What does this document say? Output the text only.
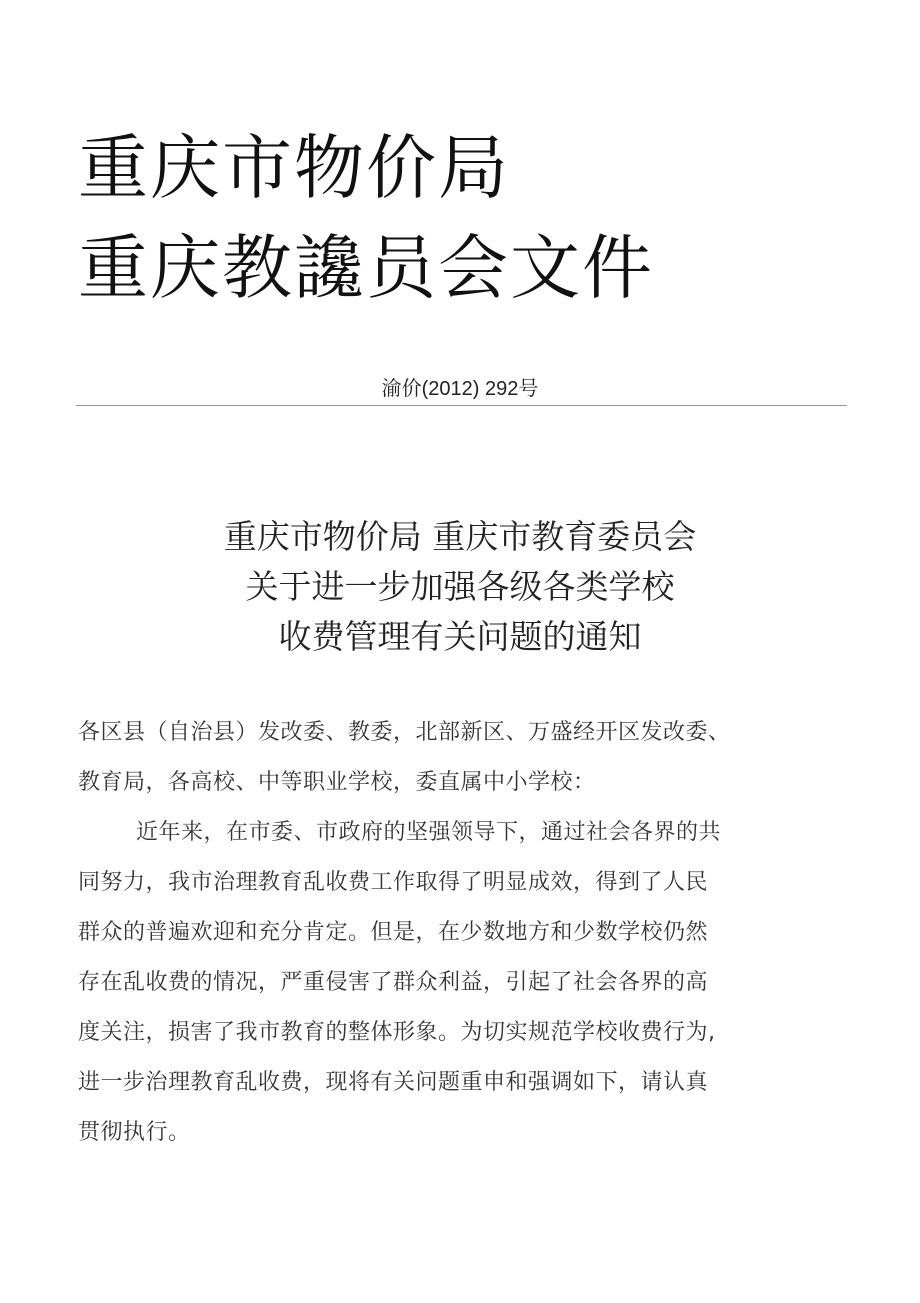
重庆市物价局
重庆教讒员会文件
渝价(2012) 292号
重庆市物价局 重庆市教育委员会
关于进一步加强各级各类学校
收费管理有关问题的通知
各区县（自治县）发改委、教委，北部新区、万盛经开区发改委、
教育局，各高校、中等职业学校，委直属中小学校：
近年来，在市委、市政府的坚强领导下，通过社会各界的共
同努力，我市治理教育乱收费工作取得了明显成效，得到了人民
群众的普遍欢迎和充分肯定。但是，在少数地方和少数学校仍然
存在乱收费的情况，严重侵害了群众利益，引起了社会各界的高
度关注，损害了我市教育的整体形象。为切实规范学校收费行为,
进一步治理教育乱收费，现将有关问题重申和强调如下，请认真
贯彻执行。
